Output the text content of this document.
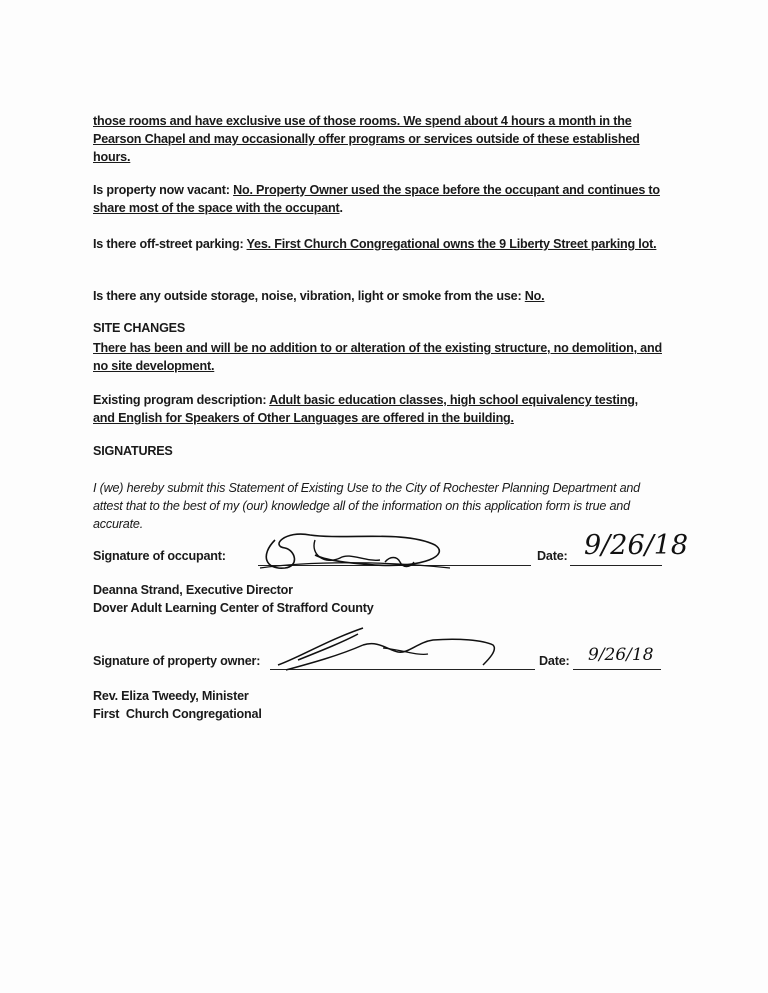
those rooms and have exclusive use of those rooms. We spend about 4 hours a month in the Pearson Chapel and may occasionally offer programs or services outside of these established hours.
Is property now vacant: No. Property Owner used the space before the occupant and continues to share most of the space with the occupant.
Is there off-street parking: Yes. First Church Congregational owns the 9 Liberty Street parking lot.
Is there any outside storage, noise, vibration, light or smoke from the use: No.
SITE CHANGES
There has been and will be no addition to or alteration of the existing structure, no demolition, and no site development.
Existing program description: Adult basic education classes, high school equivalency testing, and English for Speakers of Other Languages are offered in the building.
SIGNATURES
I (we) hereby submit this Statement of Existing Use to the City of Rochester Planning Department and attest that to the best of my (our) knowledge all of the information on this application form is true and accurate.
Signature of occupant:	Date: 9/26/18
Deanna Strand, Executive Director
Dover Adult Learning Center of Strafford County
Signature of property owner:	Date: 9/26/18
Rev. Eliza Tweedy, Minister
First  Church Congregational
